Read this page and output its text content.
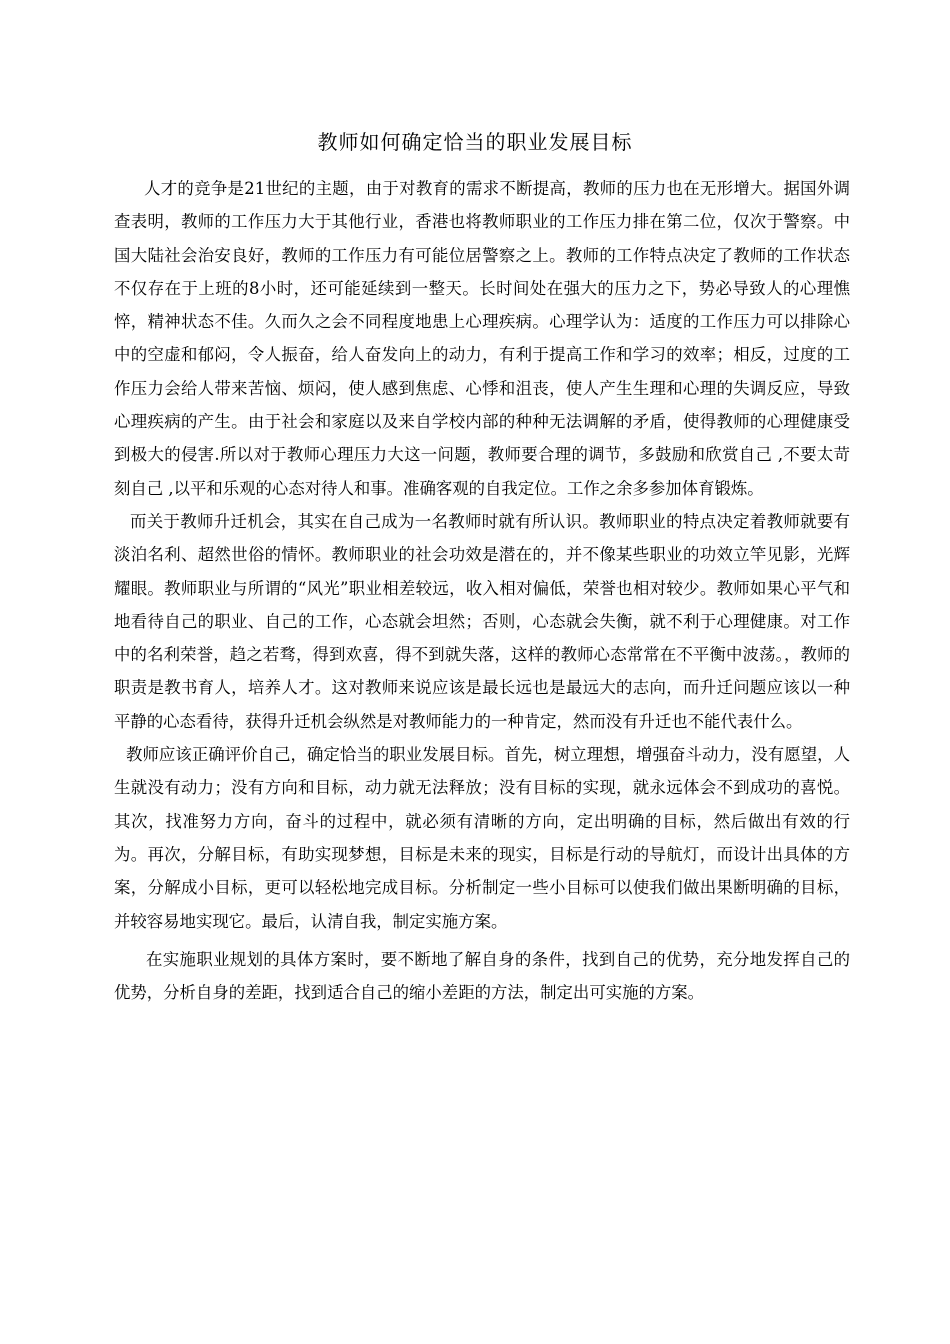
教师如何确定恰当的职业发展目标

人才的竞争是21世纪的主题，由于对教育的需求不断提高，教师的压力也在无形增大。据国外调查表明，教师的工作压力大于其他行业，香港也将教师职业的工作压力排在第二位，仅次于警察。中国大陆社会治安良好，教师的工作压力有可能位居警察之上。教师的工作特点决定了教师的工作状态不仅存在于上班的8小时，还可能延续到一整天。长时间处在强大的压力之下，势必导致人的心理憔悴，精神状态不佳。久而久之会不同程度地患上心理疾病。心理学认为：适度的工作压力可以排除心中的空虚和郁闷，令人振奋，给人奋发向上的动力，有利于提高工作和学习的效率；相反，过度的工作压力会给人带来苦恼、烦闷，使人感到焦虑、心悸和沮丧，使人产生生理和心理的失调反应，导致心理疾病的产生。由于社会和家庭以及来自学校内部的种种无法调解的矛盾，使得教师的心理健康受到极大的侵害.所以对于教师心理压力大这一问题，教师要合理的调节，多鼓励和欣赏自己 ,不要太苛刻自己 ,以平和乐观的心态对待人和事。准确客观的自我定位。工作之余多参加体育锻炼。

而关于教师升迁机会，其实在自己成为一名教师时就有所认识。教师职业的特点决定着教师就要有淡泊名利、超然世俗的情怀。教师职业的社会功效是潜在的，并不像某些职业的功效立竿见影，光辉耀眼。教师职业与所谓的“风光”职业相差较远，收入相对偏低，荣誉也相对较少。教师如果心平气和地看待自己的职业、自己的工作，心态就会坦然；否则，心态就会失衡，就不利于心理健康。对工作中的名利荣誉，趋之若骛，得到欢喜，得不到就失落，这样的教师心态常常在不平衡中波荡。，教师的职责是教书育人，培养人才。这对教师来说应该是最长远也是最远大的志向，而升迁问题应该以一种平静的心态看待，获得升迁机会纵然是对教师能力的一种肯定，然而没有升迁也不能代表什么。

教师应该正确评价自己，确定恰当的职业发展目标。首先，树立理想，增强奋斗动力，没有愿望，人生就没有动力；没有方向和目标，动力就无法释放；没有目标的实现，就永远体会不到成功的喜悦。其次，找准努力方向，奋斗的过程中，就必须有清晰的方向，定出明确的目标，然后做出有效的行为。再次，分解目标，有助实现梦想，目标是未来的现实，目标是行动的导航灯，而设计出具体的方案，分解成小目标，更可以轻松地完成目标。分析制定一些小目标可以使我们做出果断明确的目标，并较容易地实现它。最后，认清自我，制定实施方案。

在实施职业规划的具体方案时，要不断地了解自身的条件，找到自己的优势，充分地发挥自己的优势，分析自身的差距，找到适合自己的缩小差距的方法，制定出可实施的方案。
